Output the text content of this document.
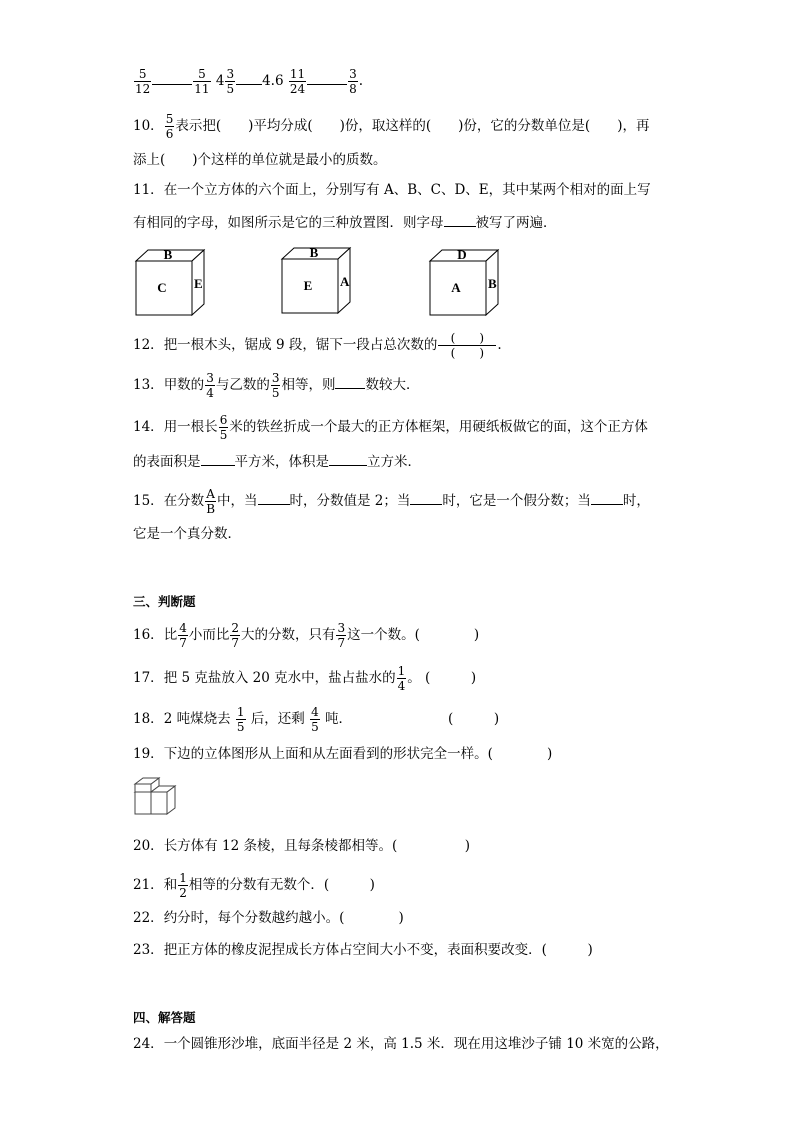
$\frac{5}{12}$	$\frac{5}{11} 4 \frac{3}{5} 4.6 \frac{11}{24}$	$\frac{3}{8}$ .
10． $\frac{5}{6}$ 表示把(　　)平均分成(　　)份，取这样的(　　)份，它的分数单位是(　　)，再
添上(　　)个这样的单位就是最小的质数。
11．在一个立方体的六个面上，分别写有 A、B、C、D、E，其中某两个相对的面上写
有相同的字母，如图所示是它的三种放置图．则字母 被写了两遍．
B
C E
B
E A
D
A B
12．把一根木头，锯成 9 段，锯下一段占总次数的 $\frac{( )}{( )}$ .
13．甲数的 $\frac{3}{4}$ 与乙数的 $\frac{3}{5}$ 相等，则 数较大．
14．用一根长 $\frac{6}{5}$ 米的铁丝折成一个最大的正方体框架，用硬纸板做它的面，这个正方体
的表面积是	平方米，体积是	立方米．
15．在分数 $\frac{A}{B}$ 中，当 时，分数值是 2；当 时，它是一个假分数；当 时，
它是一个真分数．
三、判断题
16．比 $\frac{4}{7}$ 小而比 $\frac{2}{7}$ 大的分数，只有 $\frac{3}{7}$ 这一个数。(　　　　)
17．把 5 克盐放入 20 克水中，盐占盐水的 $\frac{1}{4}$ 。 (　　　)
18．2 吨煤烧去 $\frac{1}{5}$ 后，还剩 $\frac{4}{5}$ 吨．	(　　　)
19．下边的立体图形从上面和从左面看到的形状完全一样。(　　　　)
20．长方体有 12 条棱，且每条棱都相等。(　　　　　)
21．和 $\frac{1}{2}$ 相等的分数有无数个．(　　　)
22．约分时，每个分数越约越小。(　　　　)
23．把正方体的橡皮泥捏成长方体占空间大小不变，表面积要改变．(　　　)
四、解答题
24．一个圆锥形沙堆，底面半径是 2 米，高 1.5 米．现在用这堆沙子铺 10 米宽的公路，
